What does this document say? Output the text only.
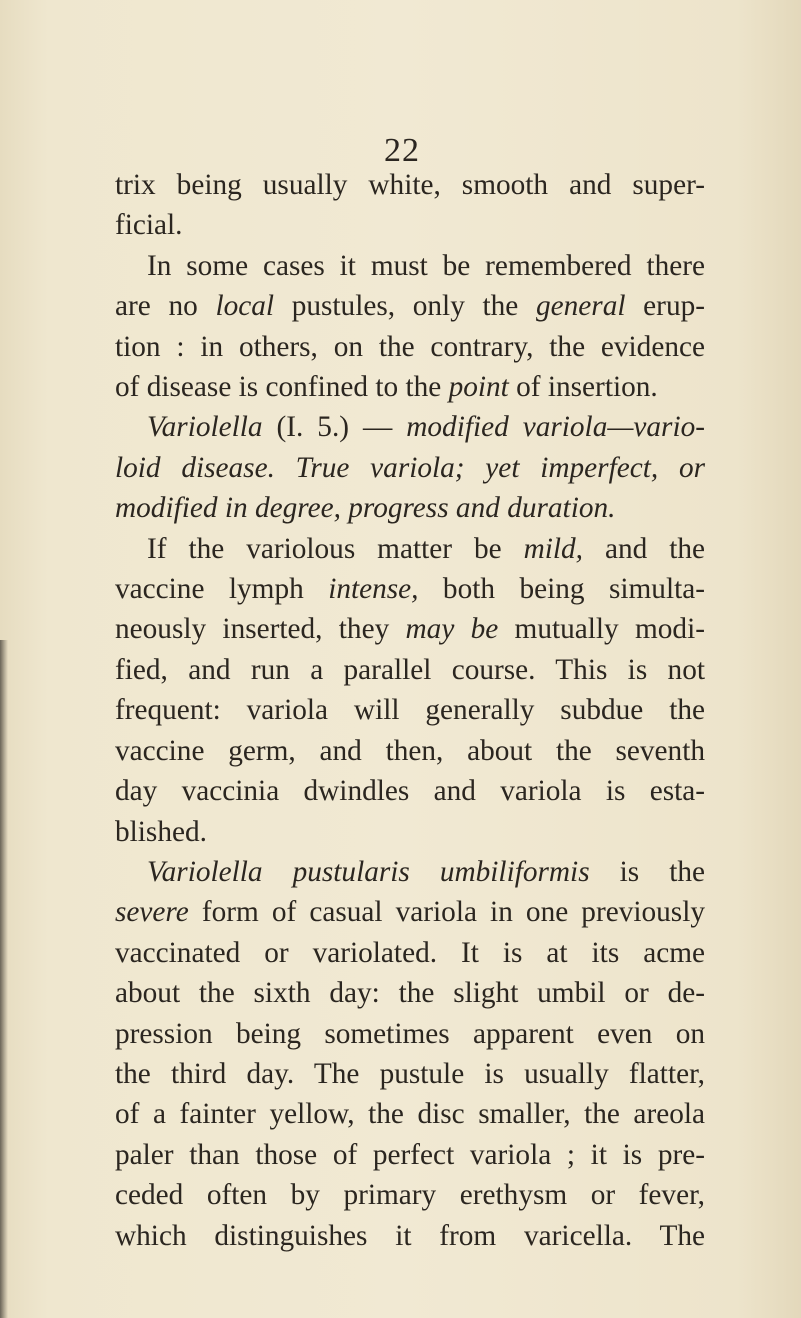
22
trix being usually white, smooth and super-
ficial.
In some cases it must be remembered there
are no local pustules, only the general erup-
tion : in others, on the contrary, the evidence
of disease is confined to the point of insertion.
Variolella (I. 5.) — modified variola—vario-
loid disease. True variola; yet imperfect, or
modified in degree, progress and duration.
If the variolous matter be mild, and the
vaccine lymph intense, both being simulta-
neously inserted, they may be mutually modi-
fied, and run a parallel course. This is not
frequent: variola will generally subdue the
vaccine germ, and then, about the seventh
day vaccinia dwindles and variola is esta-
blished.
Variolella pustularis umbiliformis is the
severe form of casual variola in one previously
vaccinated or variolated. It is at its acme
about the sixth day: the slight umbil or de-
pression being sometimes apparent even on
the third day. The pustule is usually flatter,
of a fainter yellow, the disc smaller, the areola
paler than those of perfect variola ; it is pre-
ceded often by primary erethysm or fever,
which distinguishes it from varicella. The
